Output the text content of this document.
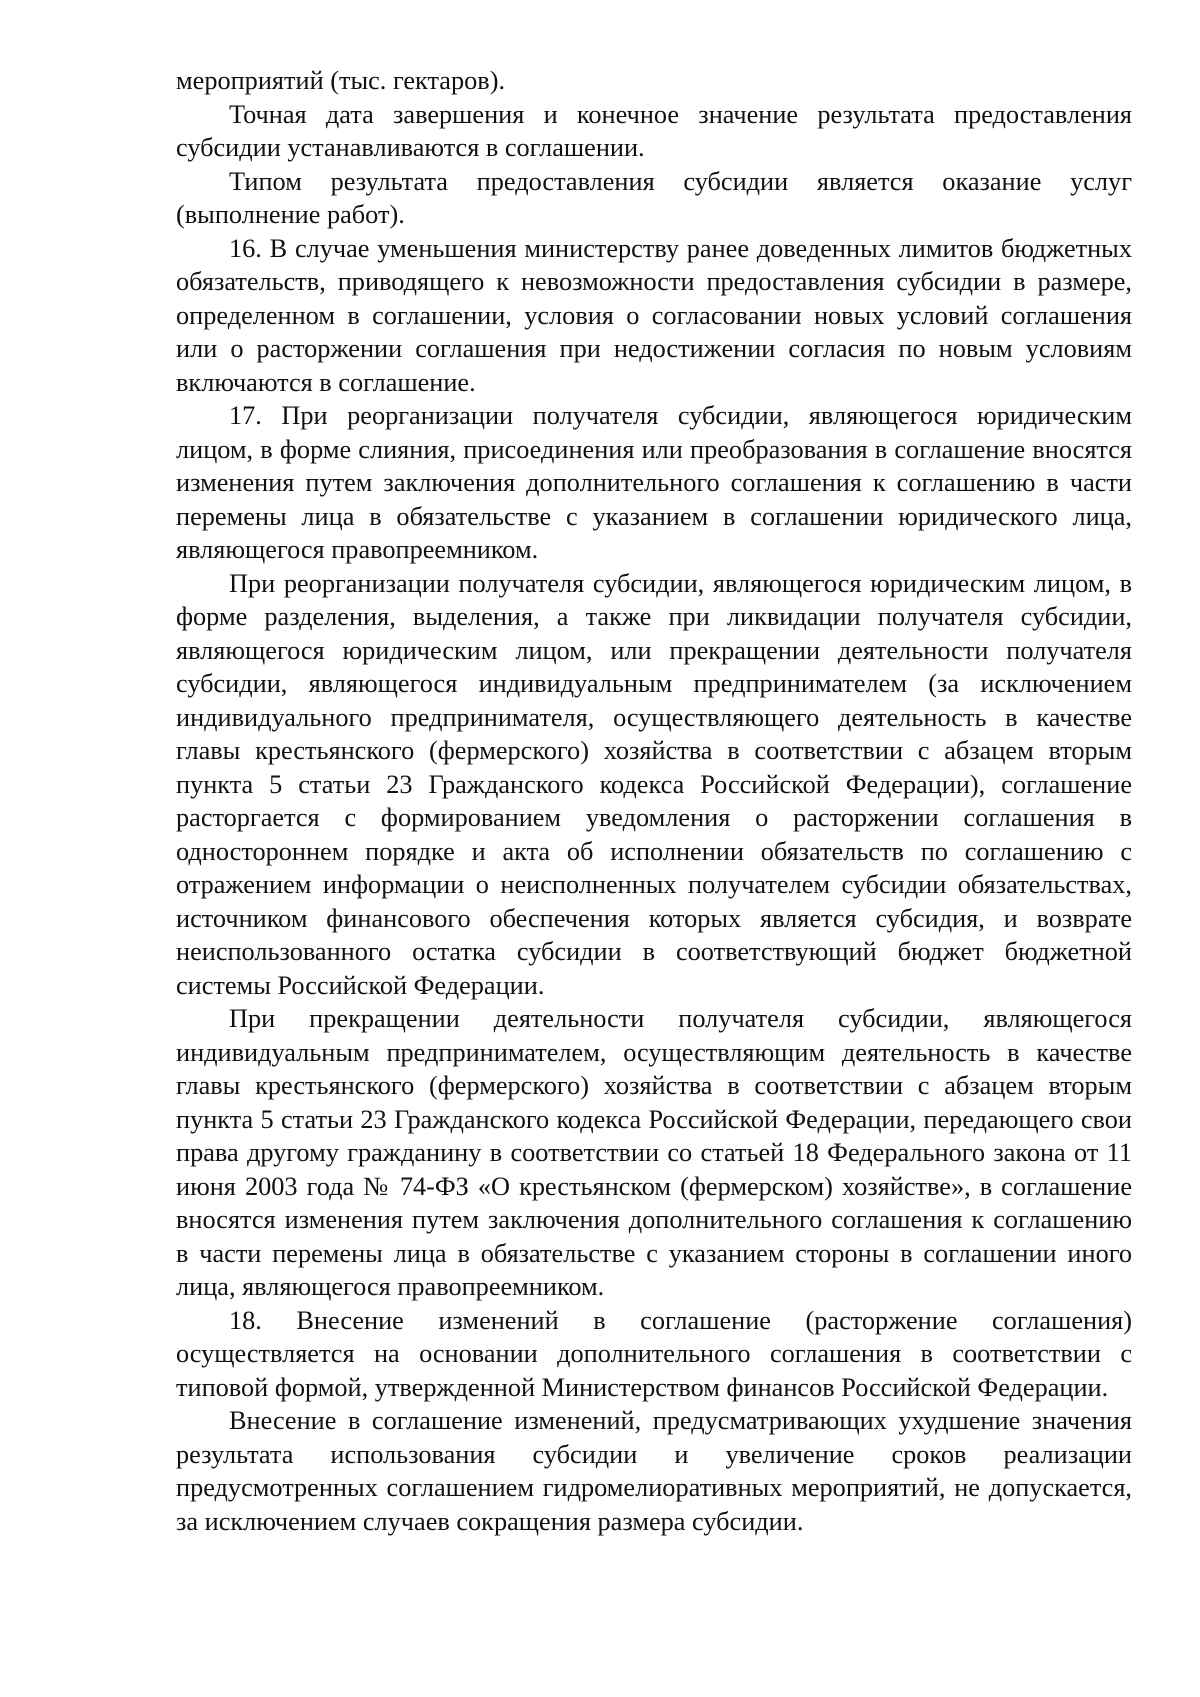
мероприятий (тыс. гектаров).

Точная дата завершения и конечное значение результата предоставления субсидии устанавливаются в соглашении.

Типом результата предоставления субсидии является оказание услуг (выполнение работ).

16. В случае уменьшения министерству ранее доведенных лимитов бюджетных обязательств, приводящего к невозможности предоставления субсидии в размере, определенном в соглашении, условия о согласовании новых условий соглашения или о расторжении соглашения при недостижении согласия по новым условиям включаются в соглашение.

17. При реорганизации получателя субсидии, являющегося юридическим лицом, в форме слияния, присоединения или преобразования в соглашение вносятся изменения путем заключения дополнительного соглашения к соглашению в части перемены лица в обязательстве с указанием в соглашении юридического лица, являющегося правопреемником.

При реорганизации получателя субсидии, являющегося юридическим лицом, в форме разделения, выделения, а также при ликвидации получателя субсидии, являющегося юридическим лицом, или прекращении деятельности получателя субсидии, являющегося индивидуальным предпринимателем (за исключением индивидуального предпринимателя, осуществляющего деятельность в качестве главы крестьянского (фермерского) хозяйства в соответствии с абзацем вторым пункта 5 статьи 23 Гражданского кодекса Российской Федерации), соглашение расторгается с формированием уведомления о расторжении соглашения в одностороннем порядке и акта об исполнении обязательств по соглашению с отражением информации о неисполненных получателем субсидии обязательствах, источником финансового обеспечения которых является субсидия, и возврате неиспользованного остатка субсидии в соответствующий бюджет бюджетной системы Российской Федерации.

При прекращении деятельности получателя субсидии, являющегося индивидуальным предпринимателем, осуществляющим деятельность в качестве главы крестьянского (фермерского) хозяйства в соответствии с абзацем вторым пункта 5 статьи 23 Гражданского кодекса Российской Федерации, передающего свои права другому гражданину в соответствии со статьей 18 Федерального закона от 11 июня 2003 года № 74-ФЗ «О крестьянском (фермерском) хозяйстве», в соглашение вносятся изменения путем заключения дополнительного соглашения к соглашению в части перемены лица в обязательстве с указанием стороны в соглашении иного лица, являющегося правопреемником.

18. Внесение изменений в соглашение (расторжение соглашения) осуществляется на основании дополнительного соглашения в соответствии с типовой формой, утвержденной Министерством финансов Российской Федерации.

Внесение в соглашение изменений, предусматривающих ухудшение значения результата использования субсидии и увеличение сроков реализации предусмотренных соглашением гидромелиоративных мероприятий, не допускается, за исключением случаев сокращения размера субсидии.
